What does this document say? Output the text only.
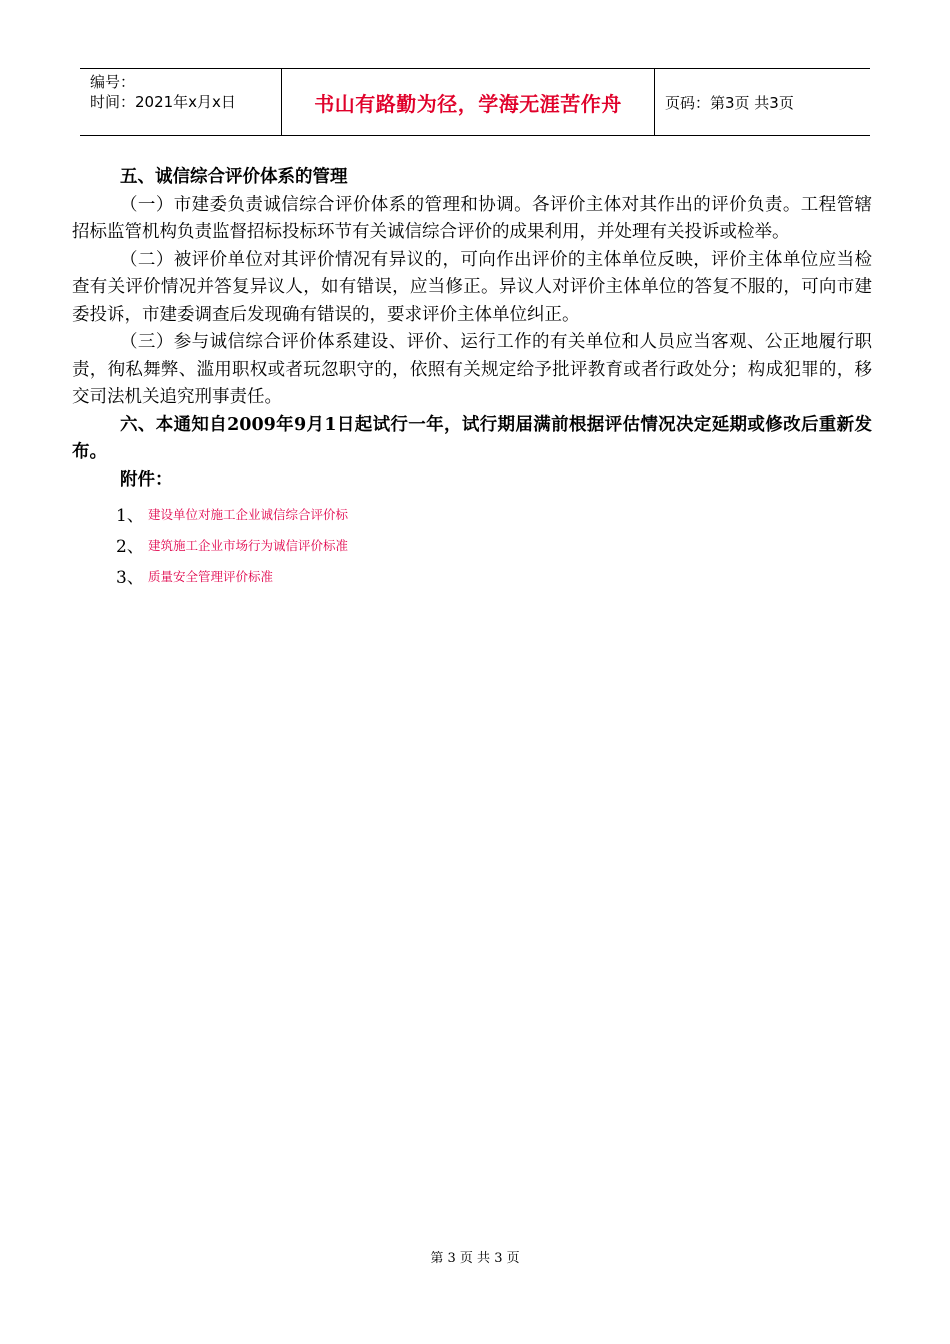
编号：
时间：2021年x月x日	书山有路勤为径，学海无涯苦作舟	页码：第3页 共3页

五、诚信综合评价体系的管理

（一）市建委负责诚信综合评价体系的管理和协调。各评价主体对其作出的评价负责。工程管辖招标监管机构负责监督招标投标环节有关诚信综合评价的成果利用，并处理有关投诉或检举。

（二）被评价单位对其评价情况有异议的，可向作出评价的主体单位反映，评价主体单位应当检查有关评价情况并答复异议人，如有错误，应当修正。异议人对评价主体单位的答复不服的，可向市建委投诉，市建委调查后发现确有错误的，要求评价主体单位纠正。

（三）参与诚信综合评价体系建设、评价、运行工作的有关单位和人员应当客观、公正地履行职责，徇私舞弊、滥用职权或者玩忽职守的，依照有关规定给予批评教育或者行政处分；构成犯罪的，移交司法机关追究刑事责任。

六、本通知自2009年9月1日起试行一年，试行期届满前根据评估情况决定延期或修改后重新发布。

附件：

1、 建设单位对施工企业诚信综合评价标
2、 建筑施工企业市场行为诚信评价标准
3、 质量安全管理评价标准
第 3 页 共 3 页
